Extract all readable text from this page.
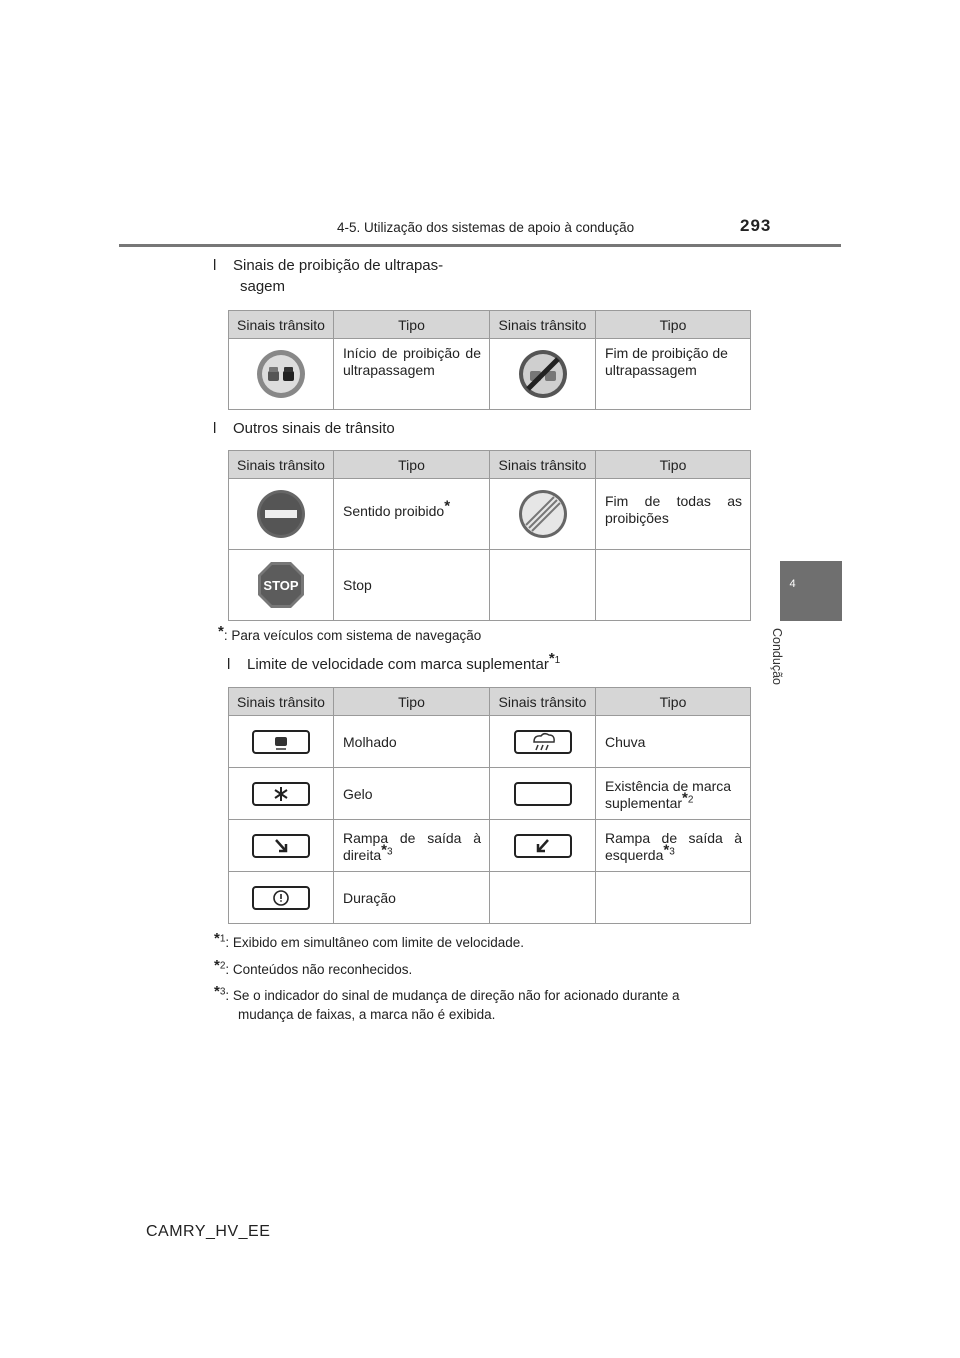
4-5. Utilização dos sistemas de apoio à condução	293
4
Condução
l Sinais de proibição de ultrapas-
sagem
Sinais trânsito	Tipo	Sinais trânsito	Tipo

	Início de proibição de ultrapassagem		Fim de proibição de ultrapassagem
l Outros sinais de trânsito
Sinais trânsito	Tipo	Sinais trânsito	Tipo

	Sentido proibido*		Fim de todas as proibições

STOP	Stop		
*: Para veículos com sistema de navegação
l Limite de velocidade com marca suplementar*$^1$
Sinais trânsito	Tipo	Sinais trânsito	Tipo

	Molhado		Chuva

	Gelo		Existência de marca suplementar*$^2$

	Rampa de saída à direita*$^3$		Rampa de saída à esquerda*$^3$

	Duração		
*$^1$: Exibido em simultâneo com limite de velocidade.
*$^2$: Conteúdos não reconhecidos.
*$^3$: Se o indicador do sinal de mudança de direção não for acionado durante a
mudança de faixas, a marca não é exibida.
CAMRY_HV_EE
